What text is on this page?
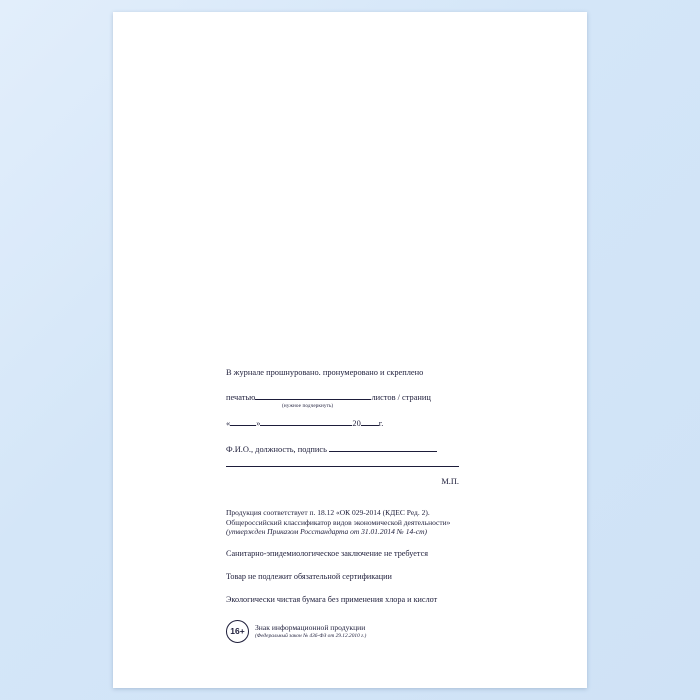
В журнале прошнуровано. пронумеровано и скреплено
печатью	листов / страниц
(нужное подчеркнуть)
«	»	20 г.
Ф.И.О., должность, подпись
М.П.
Продукция соответствует п. 18.12 «ОК 029-2014 (КДЕС Ред. 2).
Общероссийский классификатор видов экономической деятельности»
(утвержден Приказом Росстандарта от 31.01.2014 № 14-ст)
Санитарно-эпидемиологическое заключение не требуется
Товар не подлежит обязательной сертификации
Экологически чистая бумага без применения хлора и кислот
16+	Знак информационной продукции
(Федеральный закон № 436-ФЗ от 29.12.2010 г.)
